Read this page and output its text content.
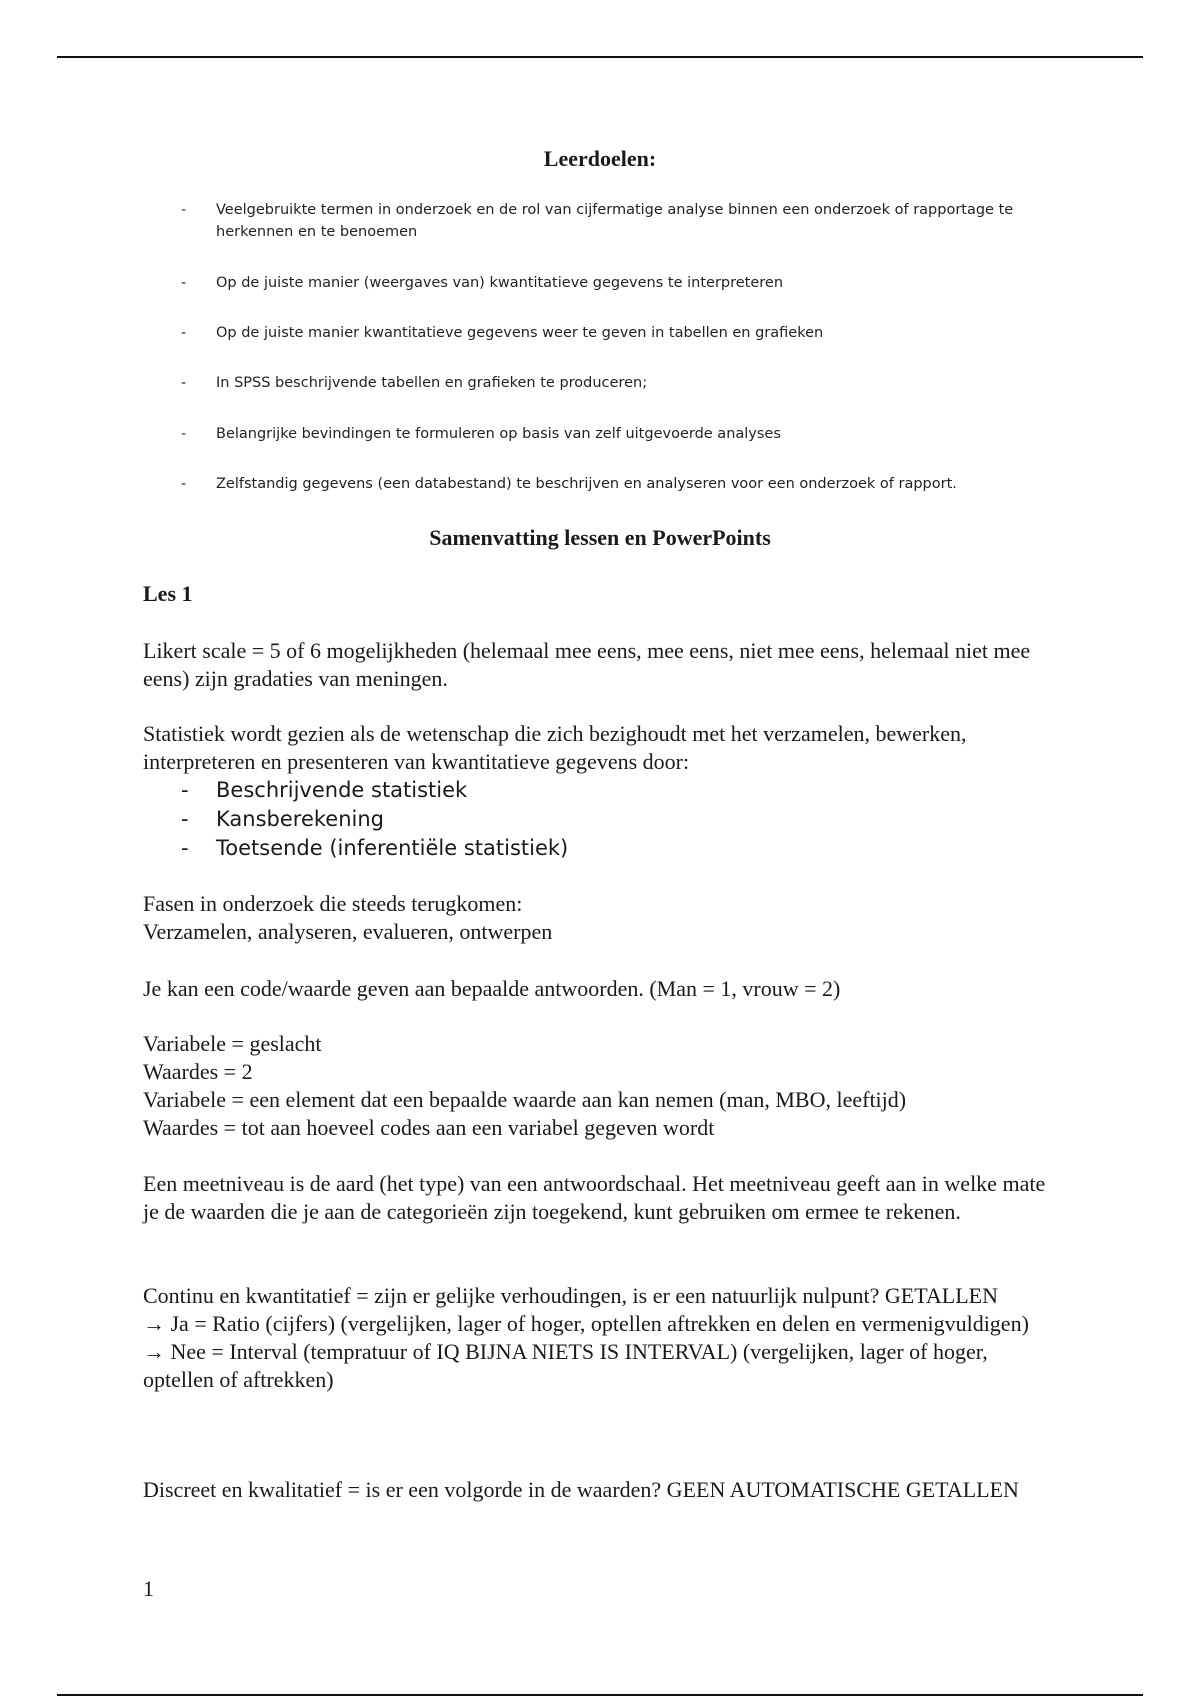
Leerdoelen:
- Veelgebruikte termen in onderzoek en de rol van cijfermatige analyse binnen een onderzoek of rapportage te herkennen en te benoemen
- Op de juiste manier (weergaves van) kwantitatieve gegevens te interpreteren
- Op de juiste manier kwantitatieve gegevens weer te geven in tabellen en grafieken
- In SPSS beschrijvende tabellen en grafieken te produceren;
- Belangrijke bevindingen te formuleren op basis van zelf uitgevoerde analyses
- Zelfstandig gegevens (een databestand) te beschrijven en analyseren voor een onderzoek of rapport.
Samenvatting lessen en PowerPoints
Les 1
Likert scale = 5 of 6 mogelijkheden (helemaal mee eens, mee eens, niet mee eens, helemaal niet mee eens) zijn gradaties van meningen.
Statistiek wordt gezien als de wetenschap die zich bezighoudt met het verzamelen, bewerken, interpreteren en presenteren van kwantitatieve gegevens door:
- Beschrijvende statistiek
- Kansberekening
- Toetsende (inferentiële statistiek)
Fasen in onderzoek die steeds terugkomen:
Verzamelen, analyseren, evalueren, ontwerpen
Je kan een code/waarde geven aan bepaalde antwoorden. (Man = 1, vrouw = 2)
Variabele = geslacht
Waardes = 2
Variabele = een element dat een bepaalde waarde aan kan nemen (man, MBO, leeftijd)
Waardes = tot aan hoeveel codes aan een variabel gegeven wordt
Een meetniveau is de aard (het type) van een antwoordschaal. Het meetniveau geeft aan in welke mate je de waarden die je aan de categorieën zijn toegekend, kunt gebruiken om ermee te rekenen.
Continu en kwantitatief = zijn er gelijke verhoudingen, is er een natuurlijk nulpunt? GETALLEN
→ Ja = Ratio (cijfers) (vergelijken, lager of hoger, optellen aftrekken en delen en vermenigvuldigen)
→ Nee = Interval (tempratuur of IQ BIJNA NIETS IS INTERVAL) (vergelijken, lager of hoger, optellen of aftrekken)
Discreet en kwalitatief = is er een volgorde in de waarden? GEEN AUTOMATISCHE GETALLEN
1
